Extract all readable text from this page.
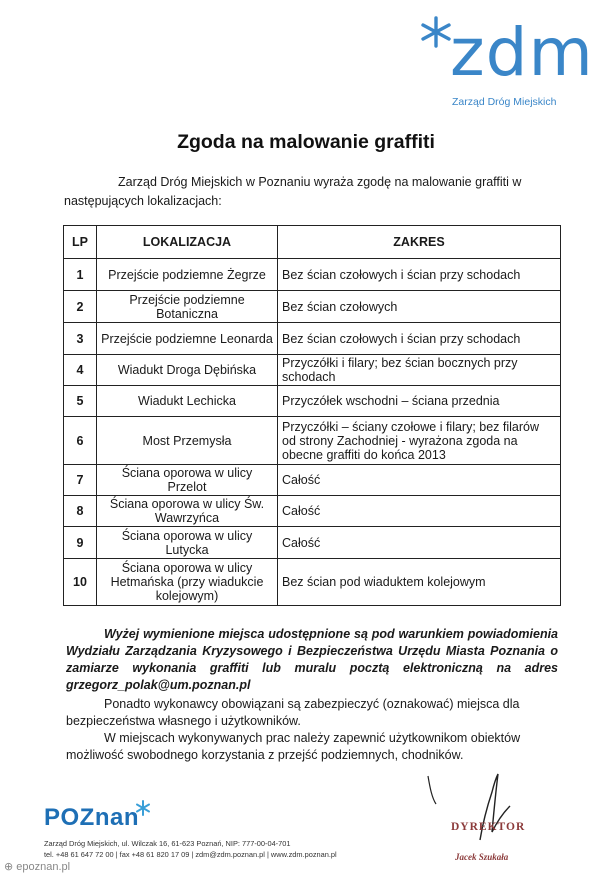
zdm
Zarząd Dróg Miejskich
Zgoda na malowanie graffiti
Zarząd Dróg Miejskich w Poznaniu wyraża zgodę na malowanie graffiti w następujących lokalizacjach:
LP	LOKALIZACJA	ZAKRES
1	Przejście podziemne Żegrze	Bez ścian czołowych i ścian przy schodach
2	Przejście podziemne Botaniczna	Bez ścian czołowych
3	Przejście podziemne Leonarda	Bez ścian czołowych i ścian przy schodach
4	Wiadukt Droga Dębińska	Przyczółki i filary; bez ścian bocznych przy schodach
5	Wiadukt Lechicka	Przyczółek wschodni – ściana przednia
6	Most Przemysła	Przyczółki – ściany czołowe i filary; bez filarów od strony Zachodniej - wyrażona zgoda na obecne graffiti do końca 2013
7	Ściana oporowa w ulicy Przelot	Całość
8	Ściana oporowa w ulicy Św. Wawrzyńca	Całość
9	Ściana oporowa w ulicy Lutycka	Całość
10	Ściana oporowa w ulicy Hetmańska (przy wiadukcie kolejowym)	Bez ścian pod wiaduktem kolejowym
Wyżej wymienione miejsca udostępnione są pod warunkiem powiadomienia Wydziału Zarządzania Kryzysowego i Bezpieczeństwa Urzędu Miasta Poznania o zamiarze wykonania graffiti lub muralu pocztą elektroniczną na adres grzegorz_polak@um.poznan.pl
Ponadto wykonawcy obowiązani są zabezpieczyć (oznakować) miejsca dla bezpieczeństwa własnego i użytkowników.
W miejscach wykonywanych prac należy zapewnić użytkownikom obiektów możliwość swobodnego korzystania z przejść podziemnych, chodników.
POZnan
Zarząd Dróg Miejskich, ul. Wilczak 16, 61-623 Poznań, NIP: 777-00-04-701
tel. +48 61 647 72 00 | fax +48 61 820 17 09 | zdm@zdm.poznan.pl | www.zdm.poznan.pl
DYREKTOR
Jacek Szukała
⊕ epoznan.pl
